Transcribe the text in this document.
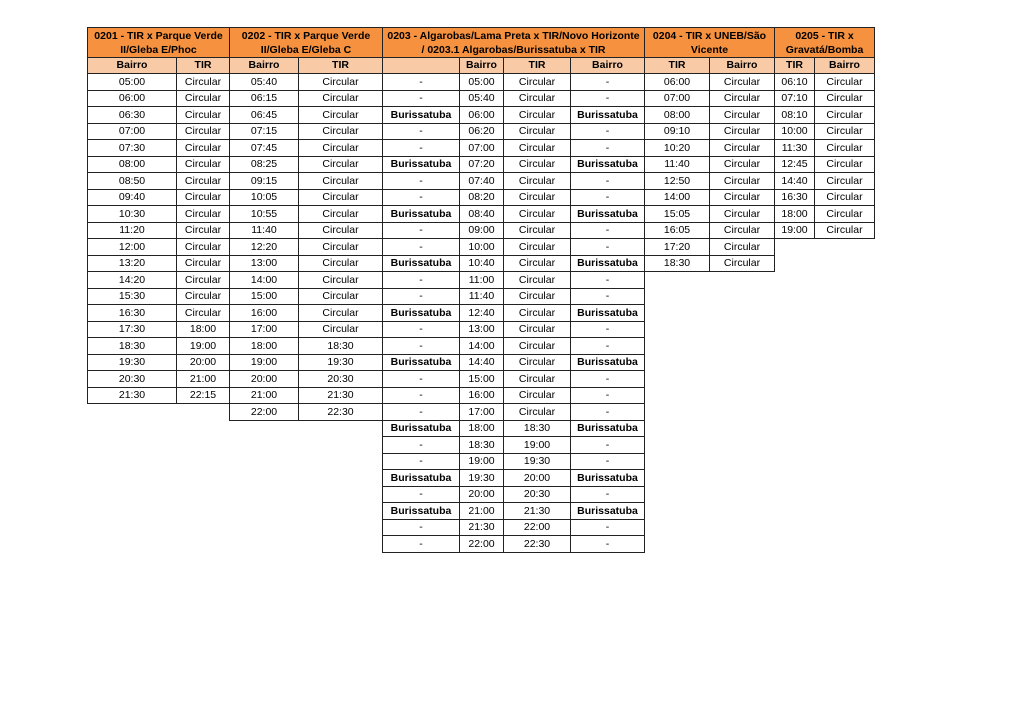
0201 - TIR x Parque Verde II/Gleba E/Phoc	
Bairro	TIR
05:00	Circular
06:00	Circular
06:30	Circular
07:00	Circular
07:30	Circular
08:00	Circular
08:50	Circular
09:40	Circular
10:30	Circular
11:20	Circular
12:00	Circular
13:20	Circular
14:20	Circular
15:30	Circular
16:30	Circular
17:30	18:00
18:30	19:00
19:30	20:00
20:30	21:00
21:30	22:15
0202 - TIR x Parque Verde II/Gleba E/Gleba C	
Bairro	TIR
05:40	Circular
06:15	Circular
06:45	Circular
07:15	Circular
07:45	Circular
08:25	Circular
09:15	Circular
10:05	Circular
10:55	Circular
11:40	Circular
12:20	Circular
13:00	Circular
14:00	Circular
15:00	Circular
16:00	Circular
17:00	Circular
18:00	18:30
19:00	19:30
20:00	20:30
21:00	21:30
22:00	22:30
0203 - Algarobas/Lama Preta x TIR/Novo Horizonte / 0203.1 Algarobas/Burissatuba x TIR			
	Bairro	TIR	Bairro
-	05:00	Circular	-
-	05:40	Circular	-
Burissatuba	06:00	Circular	Burissatuba
-	06:20	Circular	-
-	07:00	Circular	-
Burissatuba	07:20	Circular	Burissatuba
-	07:40	Circular	-
-	08:20	Circular	-
Burissatuba	08:40	Circular	Burissatuba
-	09:00	Circular	-
-	10:00	Circular	-
Burissatuba	10:40	Circular	Burissatuba
-	11:00	Circular	-
-	11:40	Circular	-
Burissatuba	12:40	Circular	Burissatuba
-	13:00	Circular	-
-	14:00	Circular	-
Burissatuba	14:40	Circular	Burissatuba
-	15:00	Circular	-
-	16:00	Circular	-
-	17:00	Circular	-
Burissatuba	18:00	18:30	Burissatuba
-	18:30	19:00	-
-	19:00	19:30	-
Burissatuba	19:30	20:00	Burissatuba
-	20:00	20:30	-
Burissatuba	21:00	21:30	Burissatuba
-	21:30	22:00	-
-	22:00	22:30	-
0204 - TIR x UNEB/São Vicente	
TIR	Bairro
06:00	Circular
07:00	Circular
08:00	Circular
09:10	Circular
10:20	Circular
11:40	Circular
12:50	Circular
14:00	Circular
15:05	Circular
16:05	Circular
17:20	Circular
18:30	Circular
0205 - TIR x Gravatá/Bomba	
TIR	Bairro
06:10	Circular
07:10	Circular
08:10	Circular
10:00	Circular
11:30	Circular
12:45	Circular
14:40	Circular
16:30	Circular
18:00	Circular
19:00	Circular
